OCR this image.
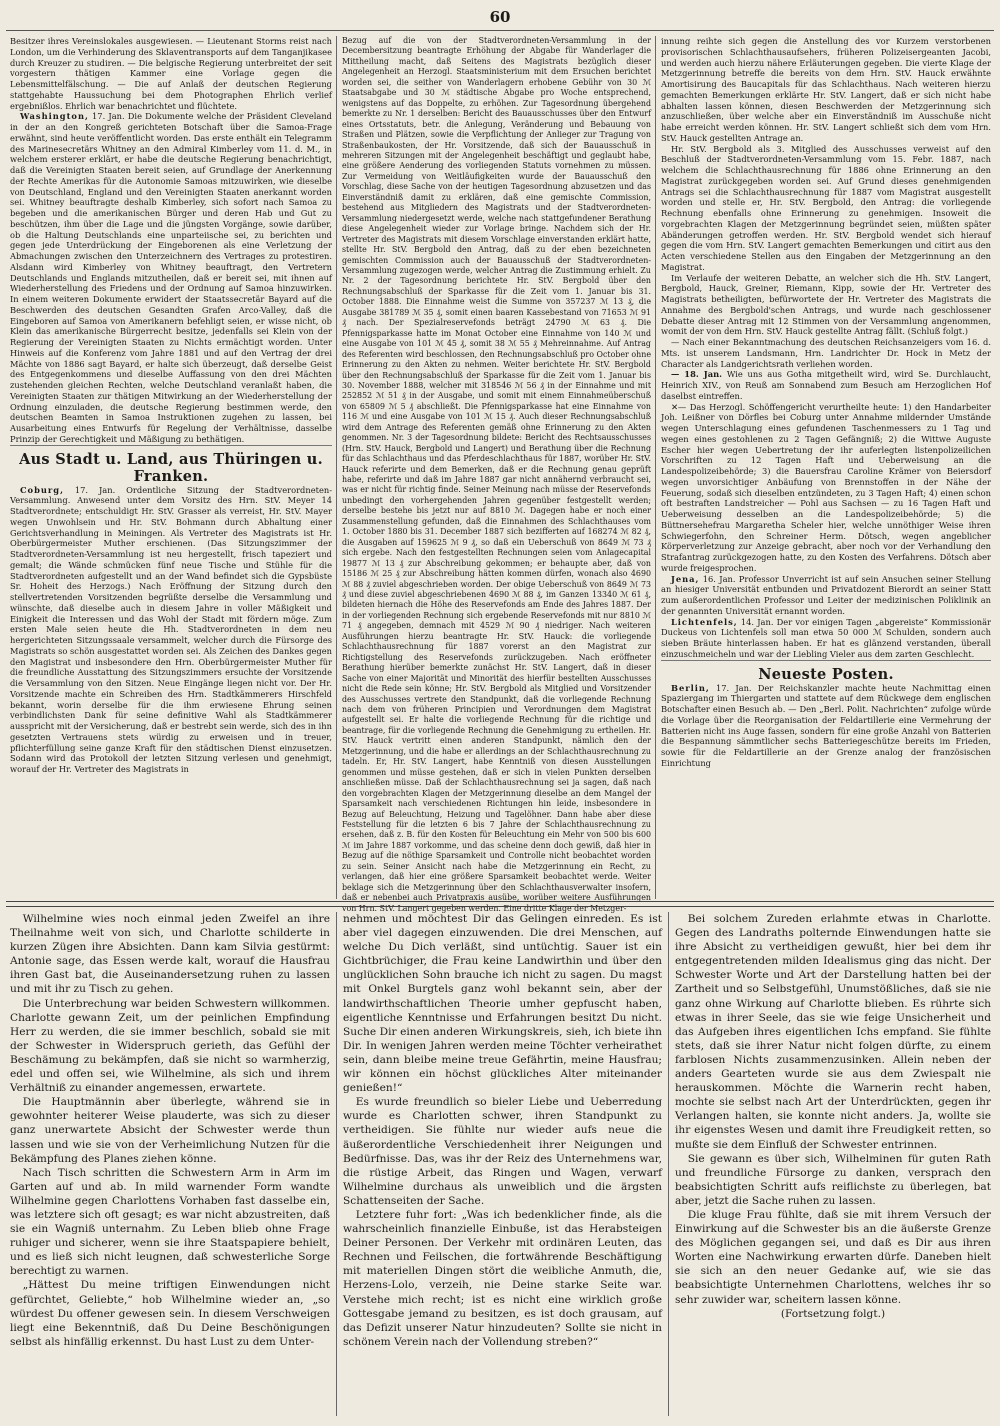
60

Besitzer ihres Vereinslokales ausgewiesen. — Lieutenant Storms reist nach London, um die Verhinderung des Sklaventransports auf dem Tanganjikasee durch Kreuzer zu studiren. — Die belgische Regierung unterbreitet der seit vorgestern thätigen Kammer eine Vorlage gegen die Lebensmittelfälschung. — Die auf Anlaß der deutschen Regierung stattgehabte Haussuchung bei dem Photographen Ehrlich verlief ergebnißlos. Ehrlich war benachrichtet und flüchtete.

Washington, 17. Jan. Die Dokumente welche der Präsident Cleveland in der an den Kongreß gerichteten Botschaft über die Samoa-Frage erwähnt, sind heute veröffentlicht worden. Das erste enthält ein Telegramm des Marinesecretärs Whitney an den Admiral Kimberley vom 11. d. M., in welchem ersterer erklärt, er habe die deutsche Regierung benachrichtigt, daß die Vereinigten Staaten bereit seien, auf Grundlage der Anerkennung der Rechte Amerikas für die Autonomie Samoas mitzuwirken, wie dieselbe von Deutschland, England und den Vereinigten Staaten anerkannt worden sei. Whitney beauftragte deshalb Kimberley, sich sofort nach Samoa zu begeben und die amerikanischen Bürger und deren Hab und Gut zu beschützen, ihm über die Lage und die jüngsten Vorgänge, sowie darüber, ob die Haltung Deutschlands eine unparteiische sei, zu berichten und gegen jede Unterdrückung der Eingeborenen als eine Verletzung der Abmachungen zwischen den Unterzeichnern des Vertrages zu protestiren. Alsdann wird Kimberley von Whitney beauftragt, den Vertretern Deutschlands und Englands mitzutheilen, daß er bereit sei, mit ihnen auf Wiederherstellung des Friedens und der Ordnung auf Samoa hinzuwirken. In einem weiteren Dokumente erwidert der Staatssecretär Bayard auf die Beschwerden des deutschen Gesandten Grafen Arco-Valley, daß die Eingeboren auf Samoa von Amerikanern befehligt seien, er wisse nicht, ob Klein das amerikanische Bürgerrecht besitze, jedenfalls sei Klein von der Regierung der Vereinigten Staaten zu Nichts ermächtigt worden. Unter Hinweis auf die Konferenz vom Jahre 1881 und auf den Vertrag der drei Mächte von 1886 sagt Bayard, er halte sich überzeugt, daß derselbe Geist des Entgegenkommens und dieselbe Auffassung von den drei Mächten zustehenden gleichen Rechten, welche Deutschland veranlaßt haben, die Vereinigten Staaten zur thätigen Mitwirkung an der Wiederherstellung der Ordnung einzuladen, die deutsche Regierung bestimmen werde, den deutschen Beamten in Samoa Instruktionen zugehen zu lassen, bei Ausarbeitung eines Entwurfs für Regelung der Verhältnisse, dasselbe Prinzip der Gerechtigkeit und Mäßigung zu bethätigen.

Aus Stadt u. Land, aus Thüringen u. Franken.

Coburg, 17. Jan. Ordentliche Sitzung der Stadtverordneten-Versammlung. Anwesend unter dem Vorsitz des Hrn. StV. Meyer 14 Stadtverordnete; entschuldigt Hr. StV. Grasser als verreist, Hr. StV. Mayer wegen Unwohlsein und Hr. StV. Bohmann durch Abhaltung einer Gerichtsverhandlung in Meiningen. Als Vertreter des Magistrats ist Hr. Oberbürgermeister Muther erschienen. (Das Sitzungszimmer der Stadtverordneten-Versammlung ist neu hergestellt, frisch tapeziert und gemalt; die Wände schmücken fünf neue Tische und Stühle für die Stadtverordneten aufgestellt und an der Wand befindet sich die Gypsbüste Sr. Hoheit des Herzogs.) Nach Eröffnung der Sitzung durch den stellvertretenden Vorsitzenden begrüßte derselbe die Versammlung und wünschte, daß dieselbe auch in diesem Jahre in voller Mäßigkeit und Einigkeit die Interessen und das Wohl der Stadt mit fördern möge. Zum ersten Male seien heute die Hh. Stadtverordneten in dem neu hergerichteten Sitzungssaale versammelt, welcher durch die Fürsorge des Magistrats so schön ausgestattet worden sei. Als Zeichen des Dankes gegen den Magistrat und insbesondere den Hrn. Oberbürgermeister Muther für die freundliche Ausstattung des Sitzungszimmers ersuchte der Vorsitzende die Versammlung von den Sitzen. Neue Eingänge liegen nicht vor. Der Hr. Vorsitzende machte ein Schreiben des Hrn. Stadtkämmerers Hirschfeld bekannt, worin derselbe für die ihm erwiesene Ehrung seinen verbindlichsten Dank für seine definitive Wahl als Stadtkämmerer ausspricht mit der Versicherung, daß er bestrebt sein werde, sich des in ihn gesetzten Vertrauens stets würdig zu erweisen und in treuer, pflichterfüllung seine ganze Kraft für den städtischen Dienst einzusetzen. Sodann wird das Protokoll der letzten Sitzung verlesen und genehmigt, worauf der Hr. Vertreter des Magistrats in

Bezug auf die von der Stadtverordneten-Versammlung in der Decembersitzung beantragte Erhöhung der Abgabe für Wanderlager die Mittheilung macht, daß Seitens des Magistrats bezüglich dieser Angelegenheit an Herzogl. Staatsministerium mit dem Ersuchen berichtet worden sei, die seither von Wanderlagern erhobene Gebühr von 30 ℳ Staatsabgabe und 30 ℳ städtische Abgabe pro Woche entsprechend, wenigstens auf das Doppelte, zu erhöhen. Zur Tagesordnung übergehend bemerkte zu Nr. 1 derselben: Bericht des Bauausschusses über den Entwurf eines Ortsstatuts, betr. die Anlegung, Veränderung und Bebauung von Straßen und Plätzen, sowie die Verpflichtung der Anlieger zur Tragung von Straßenbaukosten, der Hr. Vorsitzende, daß sich der Bauausschuß in mehreren Sitzungen mit der Angelegenheit beschäftigt und geglaubt habe, eine größere Aenderung des vorliegenden Statuts vornehmen zu müssen. Zur Vermeidung von Weitläufigkeiten wurde der Bauausschuß den Vorschlag, diese Sache von der heutigen Tagesordnung abzusetzen und das Einverständniß damit zu erklären, daß eine gemischte Commission, bestehend aus Mitgliedern des Magistrats und der Stadtverordneten-Versammlung niedergesetzt werde, welche nach stattgefundener Berathung diese Angelegenheit wieder zur Vorlage bringe. Nachdem sich der Hr. Vertreter des Magistrats mit diesem Vorschlage einverstanden erklärt hatte, stellte Hr. StV. Bergbold den Antrag, daß zu der eben bezeichneten gemischten Commission auch der Bauausschuß der Stadtverordneten-Versammlung zugezogen werde, welcher Antrag die Zustimmung erhielt. Zu Nr. 2 der Tagesordnung berichtete Hr. StV. Bergbold über den Rechnungsabschluß der Sparkasse für die Zeit vom 1. Januar bis 31. October 1888. Die Einnahme weist die Summe von 357237 ℳ 13 ₰, die Ausgabe 381789 ℳ 35 ₰, somit einen baaren Kassebestand von 71653 ℳ 91 ₰ nach. Der Spezialreservefonds beträgt 24790 ℳ 63 ₰. Die Pfennigsparkasse hatte im Monat October eine Einnahme von 140 ℳ und eine Ausgabe von 101 ℳ 45 ₰, somit 38 ℳ 55 ₰ Mehreinnahme. Auf Antrag des Referenten wird beschlossen, den Rechnungsabschluß pro October ohne Erinnerung zu den Akten zu nehmen. Weiter berichtete Hr. StV. Bergbold über den Rechnungsabschluß der Sparkasse für die Zeit vom 1. Januar bis 30. November 1888, welcher mit 318546 ℳ 56 ₰ in der Einnahme und mit 252852 ℳ 51 ₰ in der Ausgabe, und somit mit einem Einnahmeüberschuß von 65809 ℳ 5 ₰ abschließt. Die Pfennigsparkasse hat eine Einnahme von 116 ℳ und eine Ausgabe von 101 ℳ 15 ₰. Auch dieser Rechnungsabschluß wird dem Antrage des Referenten gemäß ohne Erinnerung zu den Akten genommen. Nr. 3 der Tagesordnung bildete: Bericht des Rechtsausschusses (Hrn. StV. Hauck, Bergbold und Langert) und Berathung über die Rechnung für das Schlachthaus und das Pferdeschlachthaus für 1887, worüber Hr. StV. Hauck referirte und dem Bemerken, daß er die Rechnung genau geprüft habe, referirte und daß im Jahre 1887 gar nicht annähernd verbraucht sei, was er nicht für richtig finde. Seiner Meinung nach müsse der Reservefonds unbedingt den vorhergehenden Jahren gegenüber festgestellt werden; derselbe bestehe bis jetzt nur auf 8810 ℳ. Dagegen habe er noch einer Zusammenstellung gefunden, daß die Einnahmen des Schlachthauses vom 1. October 1880 bis 31. December 1887 sich bezifferten auf 168274 ℳ 82 ₰, die Ausgaben auf 159625 ℳ 9 ₰, so daß ein Ueberschuß von 8649 ℳ 73 ₰ sich ergebe. Nach den festgestellten Rechnungen seien vom Anlagecapital 19877 ℳ 13 ₰ zur Abschreibung gekommen; er behaupte aber, daß von 15186 ℳ 25 ₰ zur Abschreibung hätten kommen dürfen, wonach also 4690 ℳ 88 ₰ zuviel abgeschrieben worden. Der obige Ueberschuß von 8649 ℳ 73 ₰ und diese zuviel abgeschriebenen 4690 ℳ 88 ₰, im Ganzen 13340 ℳ 61 ₰, bildeten hiernach die Höhe des Reservefonds am Ende des Jahres 1887. Der in der vorliegenden Rechnung sich ergebende Reservefonds mit nur 8810 ℳ 71 ₰ angegeben, demnach mit 4529 ℳ 90 ₰ niedriger. Nach weiteren Ausführungen hierzu beantragte Hr. StV. Hauck: die vorliegende Schlachthausrechnung für 1887 vorerst an den Magistrat zur Richtigstellung des Reservefonds zurückzugeben. Nach eröffneter Berathung hierüber bemerkte zunächst Hr. StV. Langert, daß in dieser Sache von einer Majorität und Minorität des hierfür bestellten Ausschusses nicht die Rede sein könne; Hr. StV. Bergbold als Mitglied und Vorsitzender des Ausschusses vertrete den Standpunkt, daß die vorliegende Rechnung nach dem von früheren Principien und Verordnungen dem Magistrat aufgestellt sei. Er halte die vorliegende Rechnung für die richtige und beantrage, für die vorliegende Rechnung die Genehmigung zu ertheilen. Hr. StV. Hauck vertritt einen anderen Standpunkt, nämlich den der Metzgerinnung, und die habe er allerdings an der Schlachthausrechnung zu tadeln. Er, Hr. StV. Langert, habe Kenntniß von diesen Ausstellungen genommen und müsse gestehen, daß er sich in vielen Punkten derselben anschließen müsse. Daß der Schlachthausrechnung sei ja sagen, daß nach den vorgebrachten Klagen der Metzgerinnung dieselbe an dem Mangel der Sparsamkeit nach verschiedenen Richtungen hin leide, insbesondere in Bezug auf Beleuchtung, Heizung und Tagelöhner. Dann habe aber diese Feststellung für die letzten 6 bis 7 Jahre der Schlachthausrechnung zu ersehen, daß z. B. für den Kosten für Beleuchtung ein Mehr von 500 bis 600 ℳ im Jahre 1887 vorkomme, und das scheine denn doch gewiß, daß hier in Bezug auf die nöthige Sparsamkeit und Controlle nicht beobachtet worden zu sein. Seiner Ansicht nach habe die Metzgerinnung ein Recht, zu verlangen, daß hier eine größere Sparsamkeit beobachtet werde. Weiter beklage sich die Metzgerinnung über den Schlachthausverwalter insofern, daß er nebenbei auch Privatpraxis ausübe, worüber weitere Ausführungen von Hrn. StV. Langert gegeben werden. Eine dritte Klage der Metzger-

innung reihte sich gegen die Anstellung des vor Kurzem verstorbenen provisorischen Schlachthausaufsehers, früheren Polizeisergeanten Jacobi, und werden auch hierzu nähere Erläuterungen gegeben. Die vierte Klage der Metzgerinnung betreffe die bereits von dem Hrn. StV. Hauck erwähnte Amortisirung des Baucapitals für das Schlachthaus. Nach weiteren hierzu gemachten Bemerkungen erklärte Hr. StV. Langert, daß er sich nicht habe abhalten lassen können, diesen Beschwerden der Metzgerinnung sich anzuschließen, über welche aber ein Einverständniß im Ausschuße nicht habe erreicht werden können. Hr. StV. Langert schließt sich dem vom Hrn. StV. Hauck gestellten Antrage an.

Hr. StV. Bergbold als 3. Mitglied des Ausschusses verweist auf den Beschluß der Stadtverordneten-Versammlung vom 15. Febr. 1887, nach welchem die Schlachthausrechnung für 1886 ohne Erinnerung an den Magistrat zurückgegeben worden sei. Auf Grund dieses genehmigenden Antrags sei die Schlachthausrechnung für 1887 vom Magistrat ausgestellt worden und stelle er, Hr. StV. Bergbold, den Antrag: die vorliegende Rechnung ebenfalls ohne Erinnerung zu genehmigen. Insoweit die vorgebrachten Klagen der Metzgerinnung begründet seien, müßten später Abänderungen getroffen werden. Hr. StV. Bergbold wendet sich hierauf gegen die vom Hrn. StV. Langert gemachten Bemerkungen und citirt aus den Acten verschiedene Stellen aus den Eingaben der Metzgerinnung an den Magistrat.

Im Verlaufe der weiteren Debatte, an welcher sich die Hh. StV. Langert, Bergbold, Hauck, Greiner, Riemann, Kipp, sowie der Hr. Vertreter des Magistrats betheiligten, befürwortete der Hr. Vertreter des Magistrats die Annahme des Bergbold'schen Antrags, und wurde nach geschlossener Debatte dieser Antrag mit 12 Stimmen von der Versammlung angenommen, womit der von dem Hrn. StV. Hauck gestellte Antrag fällt. (Schluß folgt.)

— Nach einer Bekanntmachung des deutschen Reichsanzeigers vom 16. d. Mts. ist unserem Landsmann, Hrn. Landrichter Dr. Hock in Metz der Character als Landgerichtsrath verliehen worden.

— 18. Jan. Wie uns aus Gotha mitgetheilt wird, wird Se. Durchlaucht, Heinrich XIV., von Reuß am Sonnabend zum Besuch am Herzoglichen Hof daselbst eintreffen.

✕— Das Herzogl. Schöffengericht verurtheilte heute: 1) den Handarbeiter Joh. Leißner von Dörfles bei Coburg unter Annahme mildernder Umstände wegen Unterschlagung eines gefundenen Taschenmessers zu 1 Tag und wegen eines gestohlenen zu 2 Tagen Gefängniß; 2) die Wittwe Auguste Escher hier wegen Uebertretung der ihr auferlegten listenpolizeilichen Vorschriften zu 12 Tagen Haft und Ueberweisung an die Landespolizeibehörde; 3) die Bauersfrau Caroline Krämer von Beiersdorf wegen unvorsichtiger Anbäufung von Brennstoffen in der Nähe der Feuerung, sodaß sich dieselben entzündeten, zu 3 Tagen Haft; 4) einen schon oft bestraften Landstreicher — Pohl aus Sachsen — zu 16 Tagen Haft und Ueberweisung desselben an die Landespolizeibehörde; 5) die Büttnersehefrau Margaretha Scheler hier, welche unnöthiger Weise ihren Schwiegerfohn, den Schreiner Herm. Dötsch, wegen angeblicher Körperverletzung zur Anzeige gebracht, aber noch vor der Verhandlung den Strafantrag zurückgezogen hatte, zu den Kosten des Verfahrens. Dötsch aber wurde freigesprochen.

Jena, 16. Jan. Professor Unverricht ist auf sein Ansuchen seiner Stellung an hiesiger Universität entbunden und Privatdozent Bierordt an seiner Statt zum außerordentlichen Professor und Leiter der medizinischen Poliklinik an der genannten Universität ernannt worden.

Lichtenfels, 14. Jan. Der vor einigen Tagen „abgereiste“ Kommissionär Duckeus von Lichtenfels soll man etwa 50 000 ℳ Schulden, sondern auch sieben Bräute hinterlassen haben. Er hat es glänzend verstanden, überall einzuschmeicheln und war der Liebling Vieler aus dem zarten Geschlecht.

Neueste Posten.

Berlin, 17. Jan. Der Reichskanzler machte heute Nachmittag einen Spaziergang im Thiergarten und stattete auf dem Rückwege dem englischen Botschafter einen Besuch ab. — Den „Berl. Polit. Nachrichten“ zufolge würde die Vorlage über die Reorganisation der Feldartillerie eine Vermehrung der Batterien nicht ins Auge fassen, sondern für eine große Anzahl von Batterien die Bespannung sämmtlicher sechs Batteriegeschütze bereits im Frieden, sowie für die Feldartillerie an der Grenze analog der französischen Einrichtung

Wilhelmine wies noch einmal jeden Zweifel an ihre Theilnahme weit von sich, und Charlotte schilderte in kurzen Zügen ihre Absichten. Dann kam Silvia gestürmt: Antonie sage, das Essen werde kalt, worauf die Hausfrau ihren Gast bat, die Auseinandersetzung ruhen zu lassen und mit ihr zu Tisch zu gehen.

Die Unterbrechung war beiden Schwestern willkommen. Charlotte gewann Zeit, um der peinlichen Empfindung Herr zu werden, die sie immer beschlich, sobald sie mit der Schwester in Widerspruch gerieth, das Gefühl der Beschämung zu bekämpfen, daß sie nicht so warmherzig, edel und offen sei, wie Wilhelmine, als sich und ihrem Verhältniß zu einander angemessen, erwartete.

Die Hauptmännin aber überlegte, während sie in gewohnter heiterer Weise plauderte, was sich zu dieser ganz unerwartete Absicht der Schwester werde thun lassen und wie sie von der Verheimlichung Nutzen für die Bekämpfung des Planes ziehen könne.

Nach Tisch schritten die Schwestern Arm in Arm im Garten auf und ab. In mild warnender Form wandte Wilhelmine gegen Charlottens Vorhaben fast dasselbe ein, was letztere sich oft gesagt; es war nicht abzustreiten, daß sie ein Wagniß unternahm. Zu Leben blieb ohne Frage ruhiger und sicherer, wenn sie ihre Staatspapiere behielt, und es ließ sich nicht leugnen, daß schwesterliche Sorge berechtigt zu warnen.

„Hättest Du meine triftigen Einwendungen nicht gefürchtet, Geliebte,“ hob Wilhelmine wieder an, „so würdest Du offener gewesen sein. In diesem Verschweigen liegt eine Bekenntniß, daß Du Deine Beschönigungen selbst als hinfällig erkennst. Du hast Lust zu dem Unter-

nehmen und möchtest Dir das Gelingen einreden. Es ist aber viel dagegen einzuwenden. Die drei Menschen, auf welche Du Dich verläßt, sind untüchtig. Sauer ist ein Gichtbrüchiger, die Frau keine Landwirthin und über den unglücklichen Sohn brauche ich nicht zu sagen. Du magst mit Onkel Burgtels ganz wohl bekannt sein, aber der landwirthschaftlichen Theorie umher gepfuscht haben, eigentliche Kenntnisse und Erfahrungen besitzt Du nicht. Suche Dir einen anderen Wirkungskreis, sieh, ich biete ihn Dir. In wenigen Jahren werden meine Töchter verheirathet sein, dann bleibe meine treue Gefährtin, meine Hausfrau; wir können ein höchst glückliches Alter miteinander genießen!“

Es wurde freundlich so bieler Liebe und Ueberredung wurde es Charlotten schwer, ihren Standpunkt zu vertheidigen. Sie fühlte nur wieder aufs neue die äußerordentliche Verschiedenheit ihrer Neigungen und Bedürfnisse. Das, was ihr der Reiz des Unternehmens war, die rüstige Arbeit, das Ringen und Wagen, verwarf Wilhelmine durchaus als unweiblich und die ärgsten Schattenseiten der Sache.

Letztere fuhr fort: „Was ich bedenklicher finde, als die wahrscheinlich finanzielle Einbuße, ist das Herabsteigen Deiner Personen. Der Verkehr mit ordinären Leuten, das Rechnen und Feilschen, die fortwährende Beschäftigung mit materiellen Dingen stört die weibliche Anmuth, die, Herzens-Lolo, verzeih, nie Deine starke Seite war. Verstehe mich recht; ist es nicht eine wirklich große Gottesgabe jemand zu besitzen, es ist doch grausam, auf das Defizit unserer Natur hinzudeuten? Sollte sie nicht in schönem Verein nach der Vollendung streben?“

Bei solchem Zureden erlahmte etwas in Charlotte. Gegen des Landraths polternde Einwendungen hatte sie ihre Absicht zu vertheidigen gewußt, hier bei dem ihr entgegentretenden milden Idealismus ging das nicht. Der Schwester Worte und Art der Darstellung hatten bei der Zartheit und so Selbstgefühl, Unumstößliches, daß sie nie ganz ohne Wirkung auf Charlotte blieben. Es rührte sich etwas in ihrer Seele, das sie wie feige Unsicherheit und das Aufgeben ihres eigentlichen Ichs empfand. Sie fühlte stets, daß sie ihrer Natur nicht folgen dürfte, zu einem farblosen Nichts zusammenzusinken. Allein neben der anders Gearteten wurde sie aus dem Zwiespalt nie herauskommen. Möchte die Warnerin recht haben, mochte sie selbst nach Art der Unterdrückten, gegen ihr Verlangen halten, sie konnte nicht anders. Ja, wollte sie ihr eigenstes Wesen und damit ihre Freudigkeit retten, so mußte sie dem Einfluß der Schwester entrinnen.

Sie gewann es über sich, Wilhelminen für guten Rath und freundliche Fürsorge zu danken, versprach den beabsichtigten Schritt aufs reiflichste zu überlegen, bat aber, jetzt die Sache ruhen zu lassen.

Die kluge Frau fühlte, daß sie mit ihrem Versuch der Einwirkung auf die Schwester bis an die äußerste Grenze des Möglichen gegangen sei, und daß es Dir aus ihren Worten eine Nachwirkung erwarten dürfe. Daneben hielt sie sich an den neuer Gedanke auf, wie sie das beabsichtigte Unternehmen Charlottens, welches ihr so sehr zuwider war, scheitern lassen könne.

(Fortsetzung folgt.)
